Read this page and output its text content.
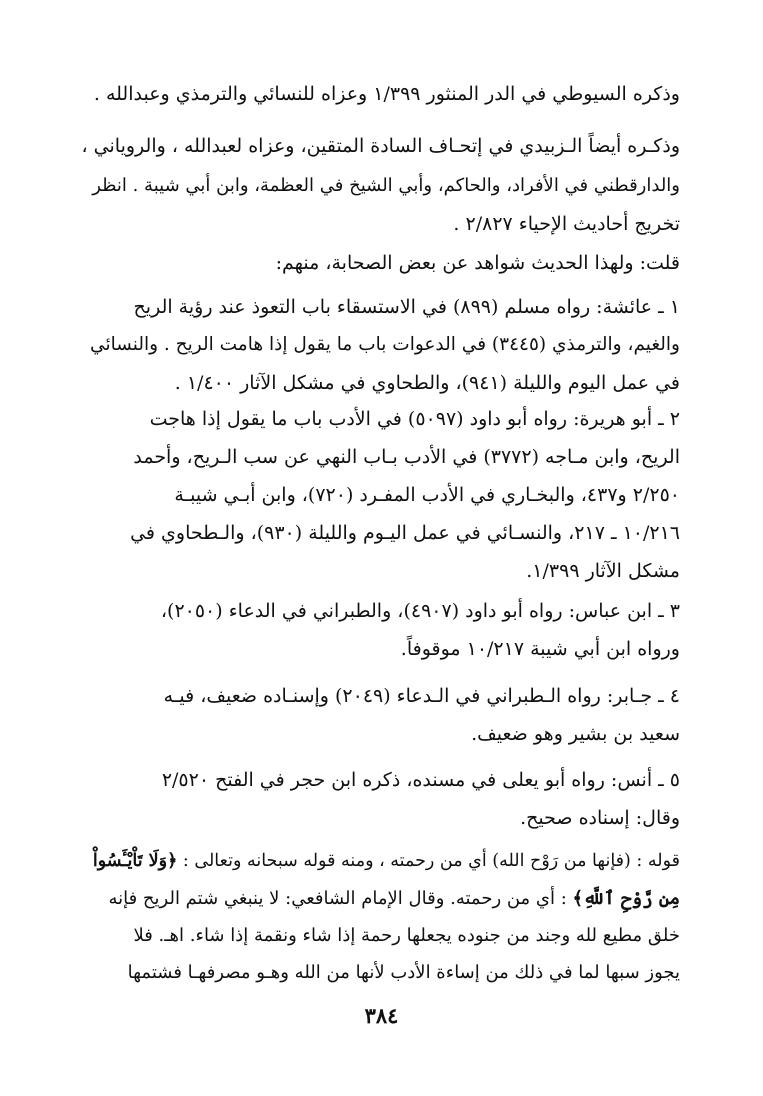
وذكره السيوطي في الدر المنثور ١/٣٩٩ وعزاه للنسائي والترمذي وعبدالله .
وذكـره أيضاً الـزبيدي في إتحـاف السادة المتقين، وعزاه لعبدالله ، والروياني ،
والدارقطني في الأفراد، والحاكم، وأبي الشيخ في العظمة، وابن أبي شيبة . انظر
تخريج أحاديث الإحياء ٢/٨٢٧ .
قلت: ولهذا الحديث شواهد عن بعض الصحابة، منهم:
١ ـ عائشة: رواه مسلم (٨٩٩) في الاستسقاء باب التعوذ عند رؤية الريح
والغيم، والترمذي (٣٤٤٥) في الدعوات باب ما يقول إذا هامت الريح . والنسائي
في عمل اليوم والليلة (٩٤١)، والطحاوي في مشكل الآثار ١/٤٠٠ .
٢ ـ أبو هريرة: رواه أبو داود (٥٠٩٧) في الأدب باب ما يقول إذا هاجت
الريح، وابن مـاجه (٣٧٧٢) في الأدب بـاب النهي عن سب الـريح، وأحمد
٢/٢٥٠ و٤٣٧، والبخـاري في الأدب المفـرد (٧٢٠)، وابن أبـي شيبـة
١٠/٢١٦ ـ ٢١٧، والنسـائي في عمل اليـوم والليلة (٩٣٠)، والـطحاوي في
مشكل الآثار ١/٣٩٩.
٣ ـ ابن عباس: رواه أبو داود (٤٩٠٧)، والطبراني في الدعاء (٢٠٥٠)،
ورواه ابن أبي شيبة ١٠/٢١٧ موقوفاً.
٤ ـ جـابر: رواه الـطبراني في الـدعاء (٢٠٤٩) وإسنـاده ضعيف، فيـه
سعيد بن بشير وهو ضعيف.
٥ ـ أنس: رواه أبو يعلى في مسنده، ذكره ابن حجر في الفتح ٢/٥٢٠
وقال: إسناده صحيح.
قوله : (فإنها من رَوْح الله) أي من رحمته ، ومنه قوله سبحانه وتعالى : ﴿وَلَا تَاْيْـَٔسُواْ
مِن رَّوْحِ ٱللَّهِ﴾ : أي من رحمته. وقال الإمام الشافعي: لا ينبغي شتم الريح فإنه
خلق مطيع لله وجند من جنوده يجعلها رحمة إذا شاء ونقمة إذا شاء. اهـ. فلا
يجوز سبها لما في ذلك من إساءة الأدب لأنها من الله وهـو مصرفهـا فشتمها
٣٨٤
